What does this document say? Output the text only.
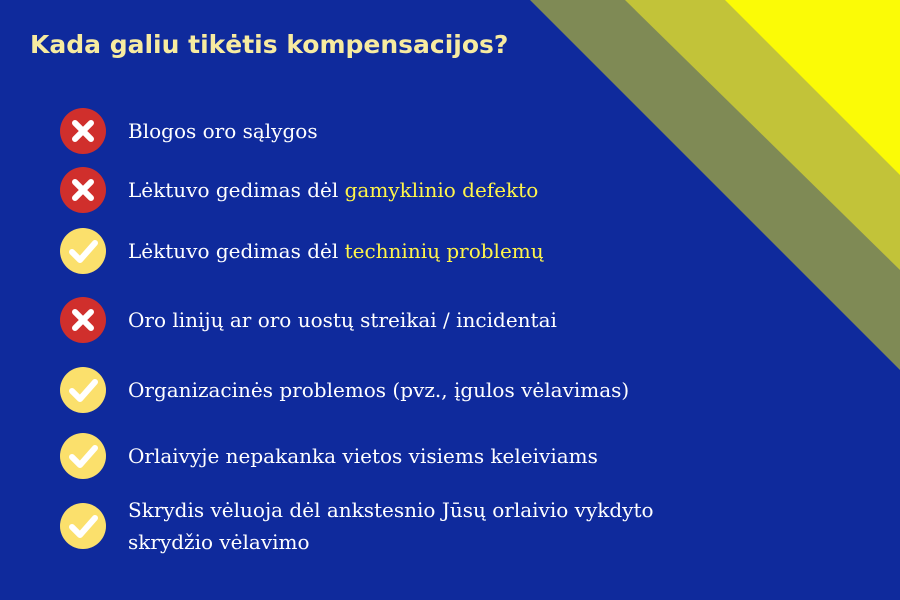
Kada galiu tikėtis kompensacijos?
Blogos oro sąlygos
Lėktuvo gedimas dėl gamyklinio defekto
Lėktuvo gedimas dėl techninių problemų
Oro linijų ar oro uostų streikai / incidentai
Organizacinės problemos (pvz., įgulos vėlavimas)
Orlaivyje nepakanka vietos visiems keleiviams
Skrydis vėluoja dėl ankstesnio Jūsų orlaivio vykdyto
skrydžio vėlavimo
